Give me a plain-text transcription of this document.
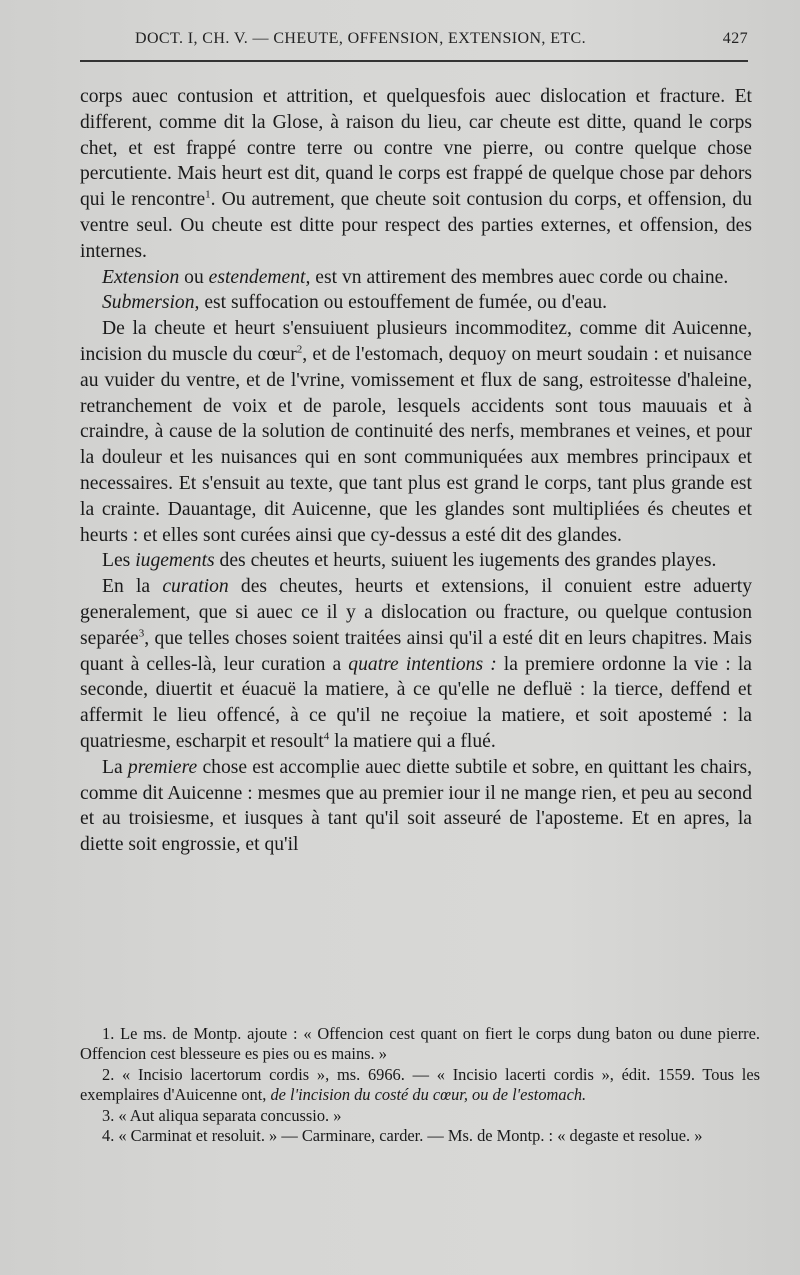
DOCT. I, CH. V. — CHEUTE, OFFENSION, EXTENSION, ETC.	427

corps auec contusion et attrition, et quelquesfois auec dislocation et fracture. Et different, comme dit la Glose, à raison du lieu, car cheute est ditte, quand le corps chet, et est frappé contre terre ou contre vne pierre, ou contre quelque chose percutiente. Mais heurt est dit, quand le corps est frappé de quelque chose par dehors qui le rencontre$^1$. Ou autrement, que cheute soit contusion du corps, et offension, du ventre seul. Ou cheute est ditte pour respect des parties externes, et offension, des internes.

Extension ou estendement, est vn attirement des membres auec corde ou chaine.

Submersion, est suffocation ou estouffement de fumée, ou d'eau.

De la cheute et heurt s'ensuiuent plusieurs incommoditez, comme dit Auicenne, incision du muscle du cœur$^2$, et de l'estomach, dequoy on meurt soudain : et nuisance au vuider du ventre, et de l'vrine, vomissement et flux de sang, estroitesse d'haleine, retranchement de voix et de parole, lesquels accidents sont tous mauuais et à craindre, à cause de la solution de continuité des nerfs, membranes et veines, et pour la douleur et les nuisances qui en sont communiquées aux membres principaux et necessaires. Et s'ensuit au texte, que tant plus est grand le corps, tant plus grande est la crainte. Dauantage, dit Auicenne, que les glandes sont multipliées és cheutes et heurts : et elles sont curées ainsi que cy-dessus a esté dit des glandes.

Les iugements des cheutes et heurts, suiuent les iugements des grandes playes.

En la curation des cheutes, heurts et extensions, il conuient estre aduerty generalement, que si auec ce il y a dislocation ou fracture, ou quelque contusion separée$^3$, que telles choses soient traitées ainsi qu'il a esté dit en leurs chapitres. Mais quant à celles-là, leur curation a quatre intentions : la premiere ordonne la vie : la seconde, diuertit et éuacuë la matiere, à ce qu'elle ne defluë : la tierce, deffend et affermit le lieu offencé, à ce qu'il ne reçoiue la matiere, et soit apostemé : la quatriesme, escharpit et resoult$^4$ la matiere qui a flué.

La premiere chose est accomplie auec diette subtile et sobre, en quittant les chairs, comme dit Auicenne : mesmes que au premier iour il ne mange rien, et peu au second et au troisiesme, et iusques à tant qu'il soit asseuré de l'aposteme. Et en apres, la diette soit engrossie, et qu'il

1. Le ms. de Montp. ajoute : « Offencion cest quant on fiert le corps dung baton ou dune pierre. Offencion cest blesseure es pies ou es mains. »

2. « Incisio lacertorum cordis », ms. 6966. — « Incisio lacerti cordis », édit. 1559. Tous les exemplaires d'Auicenne ont, de l'incision du costé du cœur, ou de l'estomach.

3. « Aut aliqua separata concussio. »

4. « Carminat et resoluit. » — Carminare, carder. — Ms. de Montp. : « degaste et resolue. »
